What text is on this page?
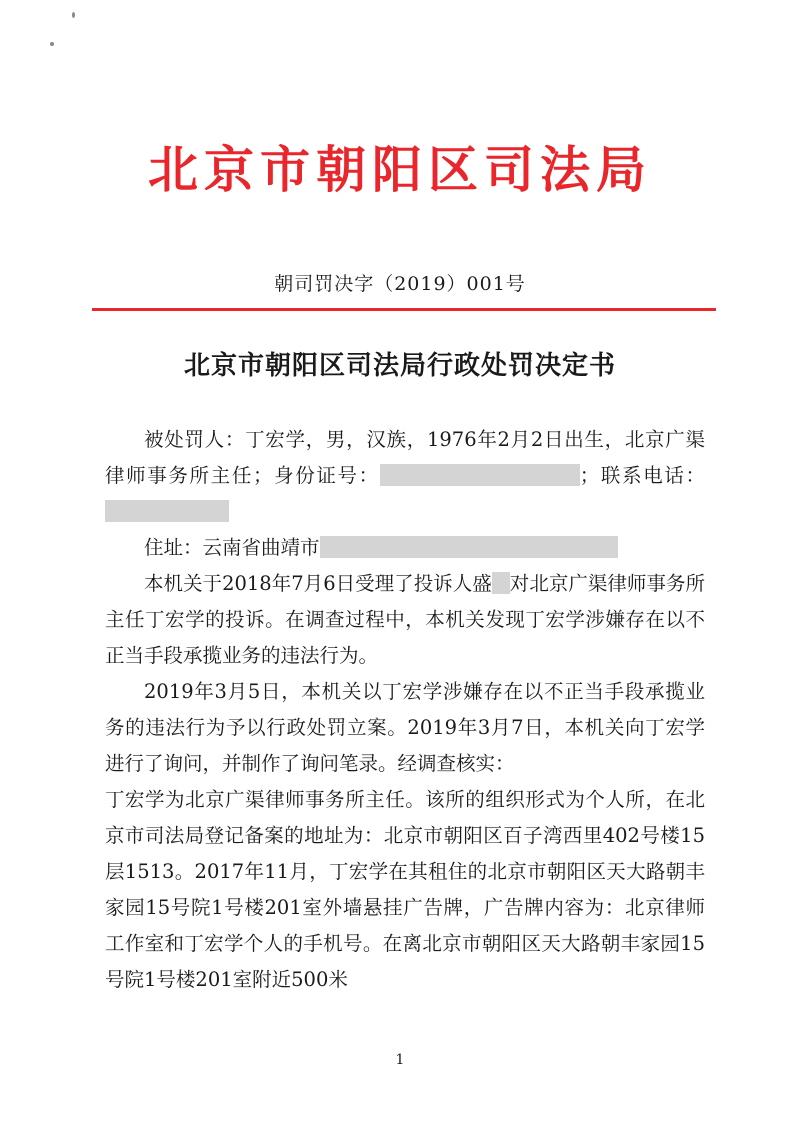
北京市朝阳区司法局
朝司罚决字（2019）001号
北京市朝阳区司法局行政处罚决定书

被处罚人：丁宏学，男，汉族，1976年2月2日出生，北京广渠律师事务所主任；身份证号：	；联系电话：

住址：云南省曲靖市

本机关于2018年7月6日受理了投诉人盛 对北京广渠律师事务所主任丁宏学的投诉。在调查过程中，本机关发现丁宏学涉嫌存在以不正当手段承揽业务的违法行为。

2019年3月5日，本机关以丁宏学涉嫌存在以不正当手段承揽业务的违法行为予以行政处罚立案。2019年3月7日，本机关向丁宏学进行了询问，并制作了询问笔录。经调查核实：

丁宏学为北京广渠律师事务所主任。该所的组织形式为个人所，在北京市司法局登记备案的地址为：北京市朝阳区百子湾西里402号楼15层1513。2017年11月，丁宏学在其租住的北京市朝阳区天大路朝丰家园15号院1号楼201室外墙悬挂广告牌，广告牌内容为：北京律师工作室和丁宏学个人的手机号。在离北京市朝阳区天大路朝丰家园15号院1号楼201室附近500米

1
